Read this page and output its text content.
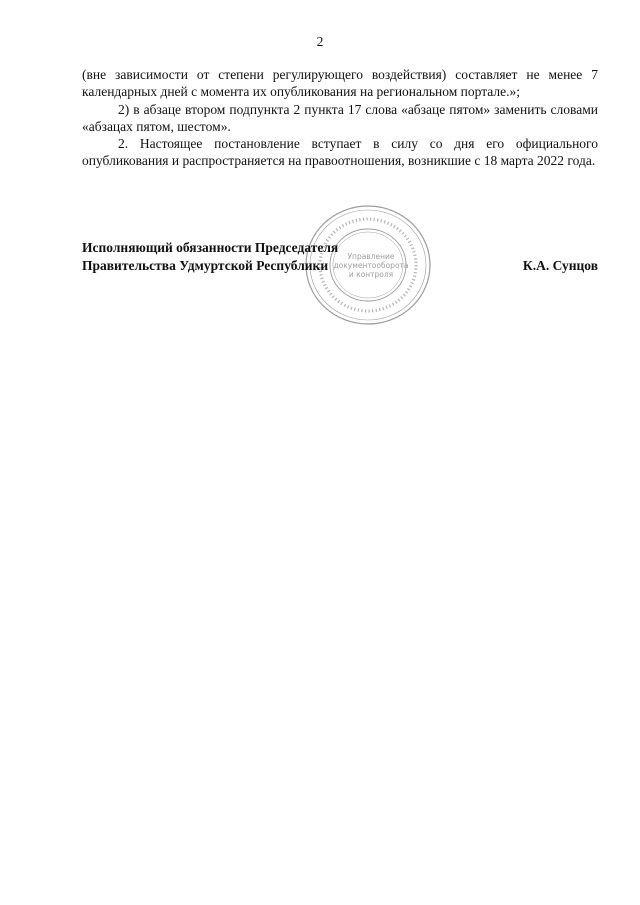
2

(вне зависимости от степени регулирующего воздействия) составляет не менее 7 календарных дней с момента их опубликования на региональном портале.»;

2) в абзаце втором подпункта 2 пункта 17 слова «абзаце пятом» заменить словами «абзацах пятом, шестом».

2. Настоящее постановление вступает в силу со дня его официального опубликования и распространяется на правоотношения, возникшие с 18 марта 2022 года.

Управление
документооборота
и контроля
Исполняющий обязанности Председателя
Правительства Удмуртской Республики	К.А. Сунцов
